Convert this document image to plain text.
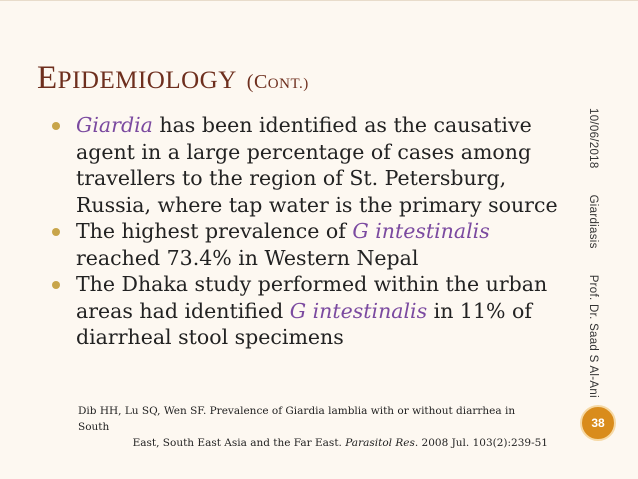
EPIDEMIOLOGY (CONT.)
Giardia has been identified as the causative agent in a large percentage of cases among travellers to the region of St. Petersburg, Russia, where tap water is the primary source
The highest prevalence of G intestinalis reached 73.4% in Western Nepal
The Dhaka study performed within the urban areas had identified G intestinalis in 11% of diarrheal stool specimens
10/06/2018GiardiasisProf. Dr. Saad S Al-Ani
Dib HH, Lu SQ, Wen SF. Prevalence of Giardia lamblia with or without diarrhea in South
East, South East Asia and the Far East. Parasitol Res. 2008 Jul. 103(2):239-51
38
